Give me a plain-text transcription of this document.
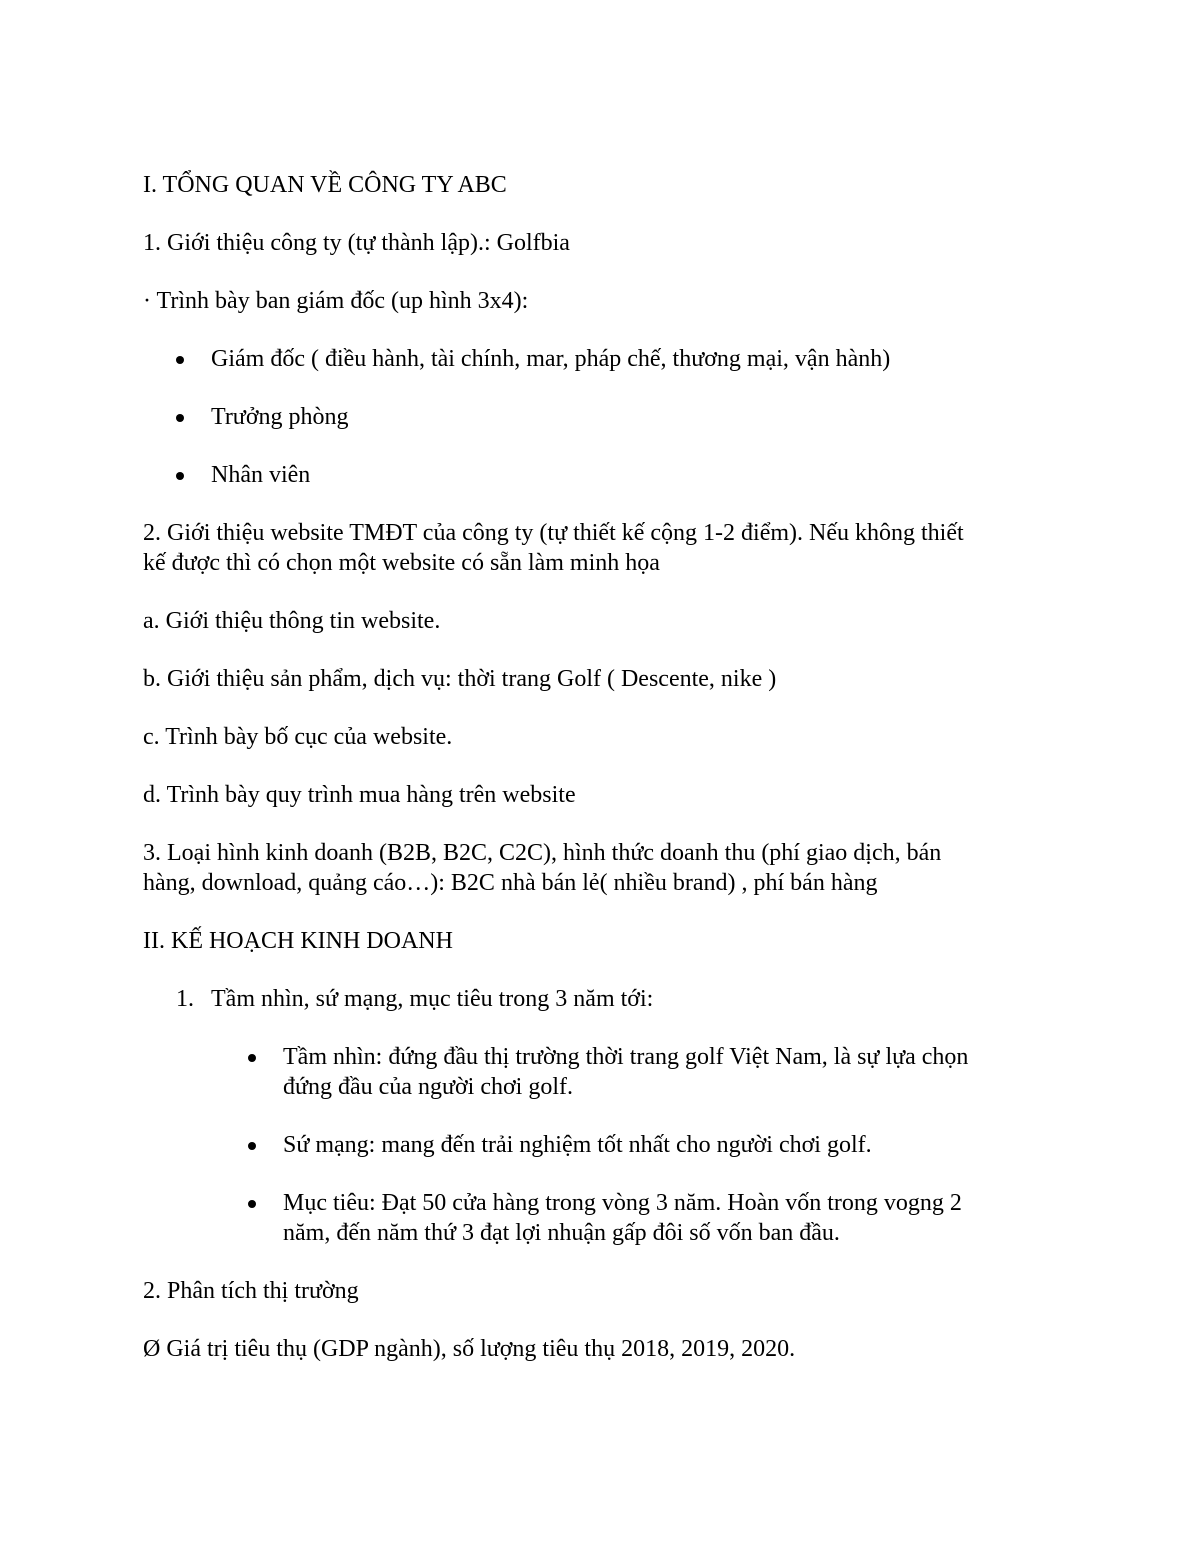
I. TỔNG QUAN VỀ CÔNG TY ABC
1. Giới thiệu công ty (tự thành lập).: Golfbia
· Trình bày ban giám đốc (up hình 3x4):
Giám đốc ( điều hành, tài chính, mar, pháp chế, thương mại, vận hành)
Trưởng phòng
Nhân viên
2. Giới thiệu website TMĐT của công ty (tự thiết kế cộng 1-2 điểm). Nếu không thiết
kế được thì có chọn một website có sẵn làm minh họa
a. Giới thiệu thông tin website.
b. Giới thiệu sản phẩm, dịch vụ: thời trang Golf ( Descente, nike )
c. Trình bày bố cục của website.
d. Trình bày quy trình mua hàng trên website
3. Loại hình kinh doanh (B2B, B2C, C2C), hình thức doanh thu (phí giao dịch, bán
hàng, download, quảng cáo…): B2C nhà bán lẻ( nhiều brand) , phí bán hàng
II. KẾ HOẠCH KINH DOANH
1. Tầm nhìn, sứ mạng, mục tiêu trong 3 năm tới:
Tầm nhìn: đứng đầu thị trường thời trang golf Việt Nam, là sự lựa chọn
đứng đầu của người chơi golf.
Sứ mạng: mang đến trải nghiệm tốt nhất cho người chơi golf.
Mục tiêu: Đạt 50 cửa hàng trong vòng 3 năm. Hoàn vốn trong vogng 2
năm, đến năm thứ 3 đạt lợi nhuận gấp đôi số vốn ban đầu.
2. Phân tích thị trường
Ø Giá trị tiêu thụ (GDP ngành), số lượng tiêu thụ 2018, 2019, 2020.
